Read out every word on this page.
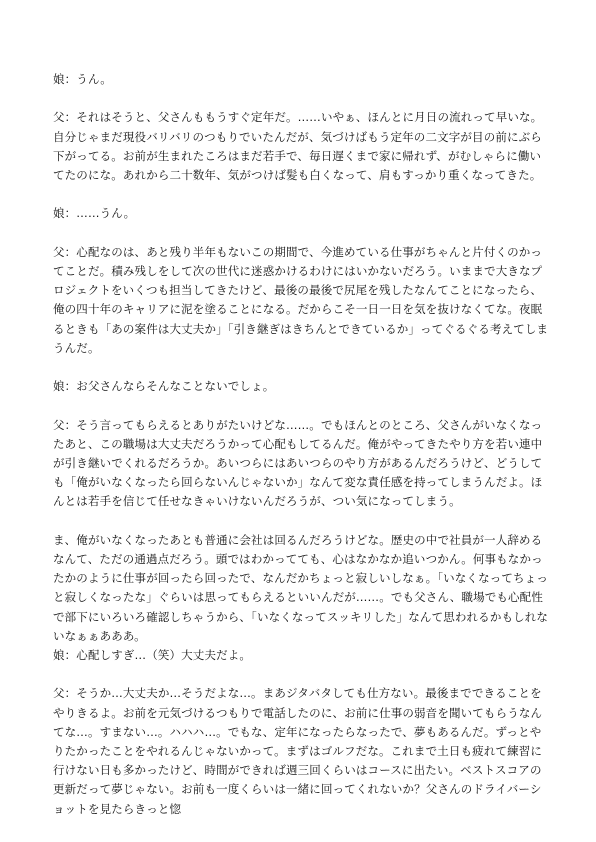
娘：うん。

父：それはそうと、父さんももうすぐ定年だ。……いやぁ、ほんとに月日の流れって早いな。自分じゃまだ現役バリバリのつもりでいたんだが、気づけばもう定年の二文字が目の前にぶら下がってる。お前が生まれたころはまだ若手で、毎日遅くまで家に帰れず、がむしゃらに働いてたのにな。あれから二十数年、気がつけば髪も白くなって、肩もすっかり重くなってきた。

娘：……うん。

父：心配なのは、あと残り半年もないこの期間で、今進めている仕事がちゃんと片付くのかってことだ。積み残しをして次の世代に迷惑かけるわけにはいかないだろう。いままで大きなプロジェクトをいくつも担当してきたけど、最後の最後で尻尾を残したなんてことになったら、俺の四十年のキャリアに泥を塗ることになる。だからこそ一日一日を気を抜けなくてな。夜眠るときも「あの案件は大丈夫か」「引き継ぎはきちんとできているか」ってぐるぐる考えてしまうんだ。

娘：お父さんならそんなことないでしょ。

父：そう言ってもらえるとありがたいけどな……。でもほんとのところ、父さんがいなくなったあと、この職場は大丈夫だろうかって心配もしてるんだ。俺がやってきたやり方を若い連中が引き継いでくれるだろうか。あいつらにはあいつらのやり方があるんだろうけど、どうしても「俺がいなくなったら回らないんじゃないか」なんて変な責任感を持ってしまうんだよ。ほんとは若手を信じて任せなきゃいけないんだろうが、つい気になってしまう。

ま、俺がいなくなったあとも普通に会社は回るんだろうけどな。歴史の中で社員が一人辞めるなんて、ただの通過点だろう。頭ではわかってても、心はなかなか追いつかん。何事もなかったかのように仕事が回ったら回ったで、なんだかちょっと寂しいしなぁ。「いなくなってちょっと寂しくなったな」ぐらいは思ってもらえるといいんだが……。でも父さん、職場でも心配性で部下にいろいろ確認しちゃうから、「いなくなってスッキリした」なんて思われるかもしれないなぁぁあああ。

娘：心配しすぎ…（笑）大丈夫だよ。

父：そうか…大丈夫か…そうだよな…。まあジタバタしても仕方ない。最後までできることをやりきるよ。お前を元気づけるつもりで電話したのに、お前に仕事の弱音を聞いてもらうなんてな…。すまない…。ハハハ…。でもな、定年になったらなったで、夢もあるんだ。ずっとやりたかったことをやれるんじゃないかって。まずはゴルフだな。これまで土日も疲れて練習に行けない日も多かったけど、時間ができれば週三回くらいはコースに出たい。ベストスコアの更新だって夢じゃない。お前も一度くらいは一緒に回ってくれないか？父さんのドライバーショットを見たらきっと惚
